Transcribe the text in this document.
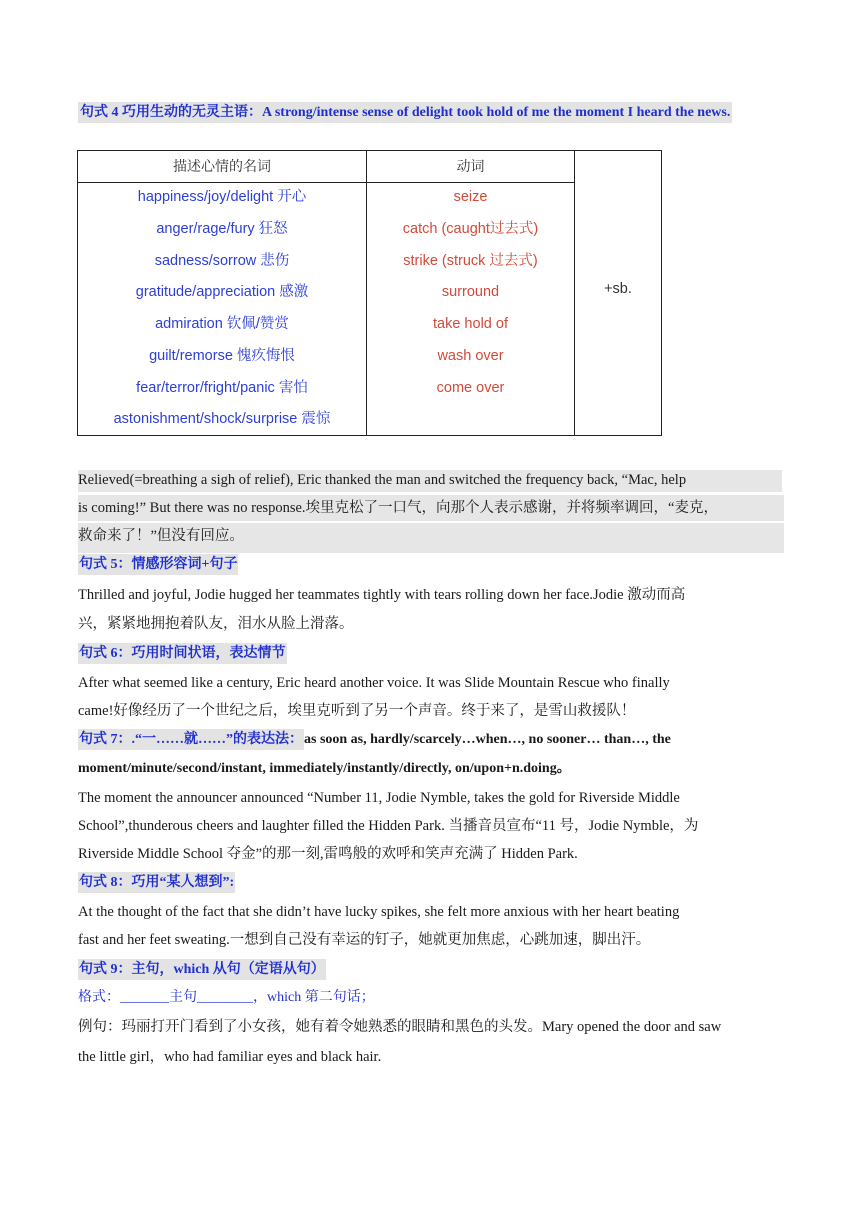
句式 4 巧用生动的无灵主语：A strong/intense sense of delight took hold of me the moment I heard the news.
描述心情的名词	动词
happiness/joy/delight 开心
anger/rage/fury 狂怒
sadness/sorrow 悲伤
gratitude/appreciation 感激
admiration 钦佩/赞赏
guilt/remorse 愧疚悔恨
fear/terror/fright/panic 害怕
astonishment/shock/surprise 震惊
seize
catch (caught过去式)
strike (struck 过去式)
surround
take hold of
wash over
come over
+sb.
Relieved(=breathing a sigh of relief), Eric thanked the man and switched the frequency back, “Mac, help
is coming!” But there was no response.埃里克松了一口气，向那个人表示感谢，并将频率调回，“麦克，
救命来了！”但没有回应。
句式 5：情感形容词+句子
Thrilled and joyful, Jodie hugged her teammates tightly with tears rolling down her face.Jodie 激动而高
兴，紧紧地拥抱着队友，泪水从脸上滑落。
句式 6：巧用时间状语，表达情节
After what seemed like a century, Eric heard another voice. It was Slide Mountain Rescue who finally
came!好像经历了一个世纪之后，埃里克听到了另一个声音。终于来了，是雪山救援队！
句式 7：.“一……就……”的表达法：as soon as, hardly/scarcely…when…, no sooner… than…, the
moment/minute/second/instant, immediately/instantly/directly, on/upon+n.doing。
The moment the announcer announced “Number 11, Jodie Nymble, takes the gold for Riverside Middle
School”,thunderous cheers and laughter filled the Hidden Park. 当播音员宣布“11 号，Jodie Nymble，为
Riverside Middle School 夺金”的那一刻,雷鸣般的欢呼和笑声充满了 Hidden Park.
句式 8：巧用“某人想到”:
At the thought of the fact that she didn’t have lucky spikes, she felt more anxious with her heart beating
fast and her feet sweating.一想到自己没有幸运的钉子，她就更加焦虑，心跳加速，脚出汗。
句式 9：主句，which 从句（定语从句）
格式：_______主句________，which 第二句话；
例句：玛丽打开门看到了小女孩，她有着令她熟悉的眼睛和黑色的头发。Mary opened the door and saw
the little girl，who had familiar eyes and black hair.
